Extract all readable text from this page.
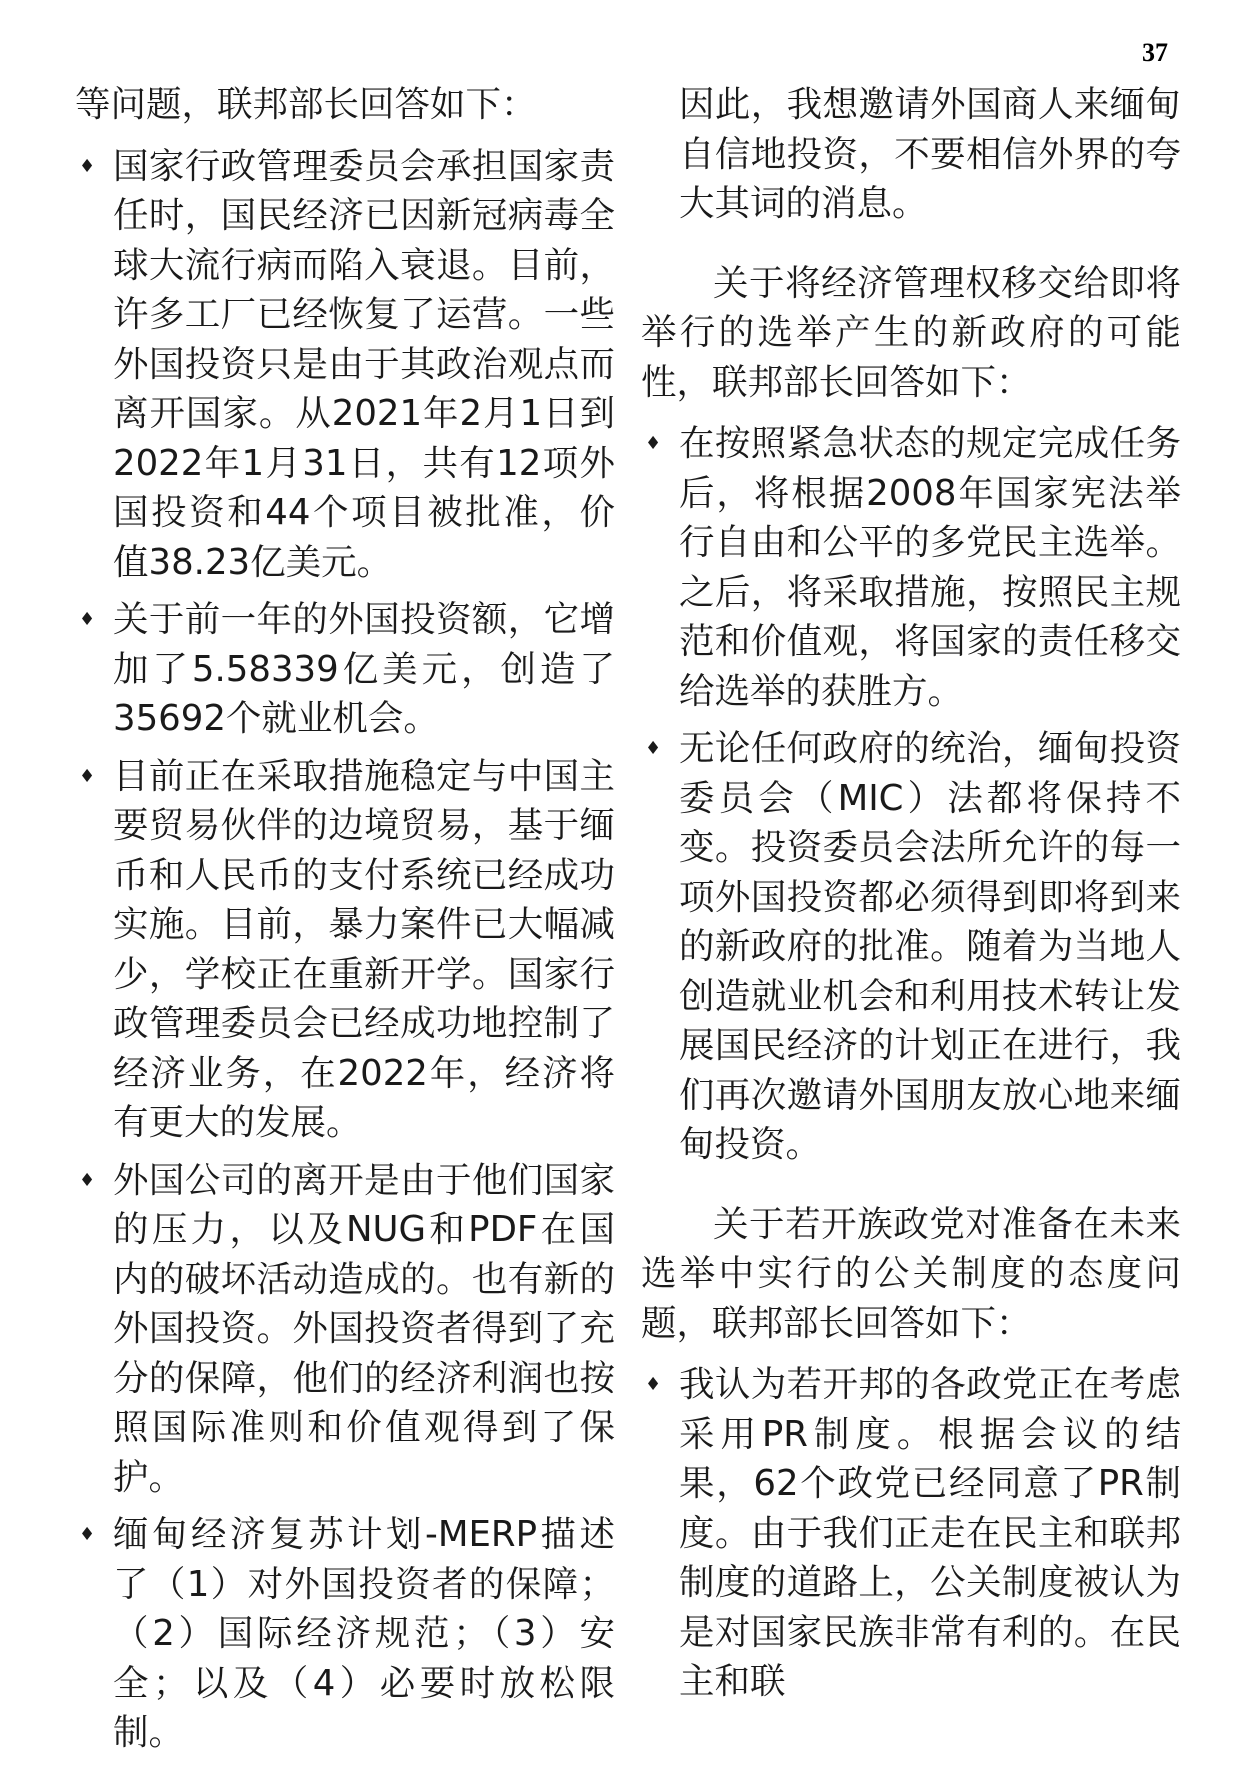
37

等问题，联邦部长回答如下：

♦ 国家行政管理委员会承担国家责任时，国民经济已因新冠病毒全球大流行病而陷入衰退。目前，许多工厂已经恢复了运营。一些外国投资只是由于其政治观点而离开国家。从2021年2月1日到2022年1月31日，共有12项外国投资和44个项目被批准，价值38.23亿美元。
♦ 关于前一年的外国投资额，它增加了5.58339亿美元，创造了35692个就业机会。
♦ 目前正在采取措施稳定与中国主要贸易伙伴的边境贸易，基于缅币和人民币的支付系统已经成功实施。目前，暴力案件已大幅减少，学校正在重新开学。国家行政管理委员会已经成功地控制了经济业务，在2022年，经济将有更大的发展。
♦ 外国公司的离开是由于他们国家的压力，以及NUG和PDF在国内的破坏活动造成的。也有新的外国投资。外国投资者得到了充分的保障，他们的经济利润也按照国际准则和价值观得到了保护。
♦ 缅甸经济复苏计划-MERP描述了（1）对外国投资者的保障；（2）国际经济规范；（3）安全；以及（4）必要时放松限制。

因此，我想邀请外国商人来缅甸自信地投资，不要相信外界的夸大其词的消息。

关于将经济管理权移交给即将举行的选举产生的新政府的可能性，联邦部长回答如下：

♦ 在按照紧急状态的规定完成任务后，将根据2008年国家宪法举行自由和公平的多党民主选举。之后，将采取措施，按照民主规范和价值观，将国家的责任移交给选举的获胜方。
♦ 无论任何政府的统治，缅甸投资委员会（MIC）法都将保持不变。投资委员会法所允许的每一项外国投资都必须得到即将到来的新政府的批准。随着为当地人创造就业机会和利用技术转让发展国民经济的计划正在进行，我们再次邀请外国朋友放心地来缅甸投资。

关于若开族政党对准备在未来选举中实行的公关制度的态度问题，联邦部长回答如下：

♦ 我认为若开邦的各政党正在考虑采用PR制度。根据会议的结果，62个政党已经同意了PR制度。由于我们正走在民主和联邦制度的道路上，公关制度被认为是对国家民族非常有利的。在民主和联
